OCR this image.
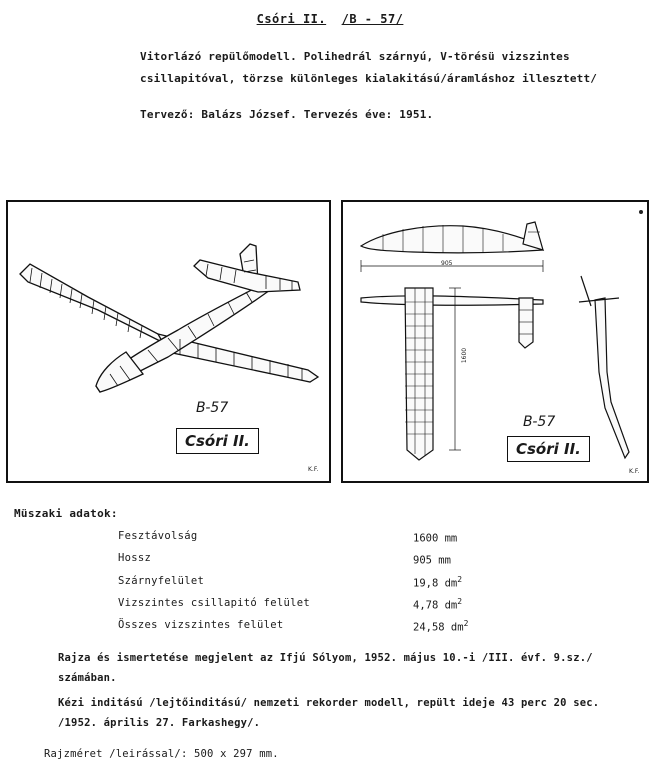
Csóri II. /B - 57/
Vitorlázó repülőmodell. Polihedrál szárnyú, V-törésü vizszintes
csillapitóval, törzse különleges kialakitású/áramláshoz illesztett/
Tervező: Balázs József. Tervezés éve: 1951.
B-57
Csóri II.
K.F.
905
1600
B-57
Csóri II.
K.F.
Müszaki adatok:
Fesztávolság	1600 mm
Hossz	905 mm
Szárnyfelület	19,8 $dm^2$
Vizszintes csillapitó felület	4,78 $dm^2$
Összes vizszintes felület	24,58 $dm^2$
Rajza és ismertetése megjelent az Ifjú Sólyom, 1952. május 10.-i /III. évf. 9.sz./
számában.
Kézi inditású /lejtőinditású/ nemzeti rekorder modell, repült ideje 43 perc 20 sec.
/1952. április 27. Farkashegy/.
Rajzméret /leirással/: 500 x 297 mm.
